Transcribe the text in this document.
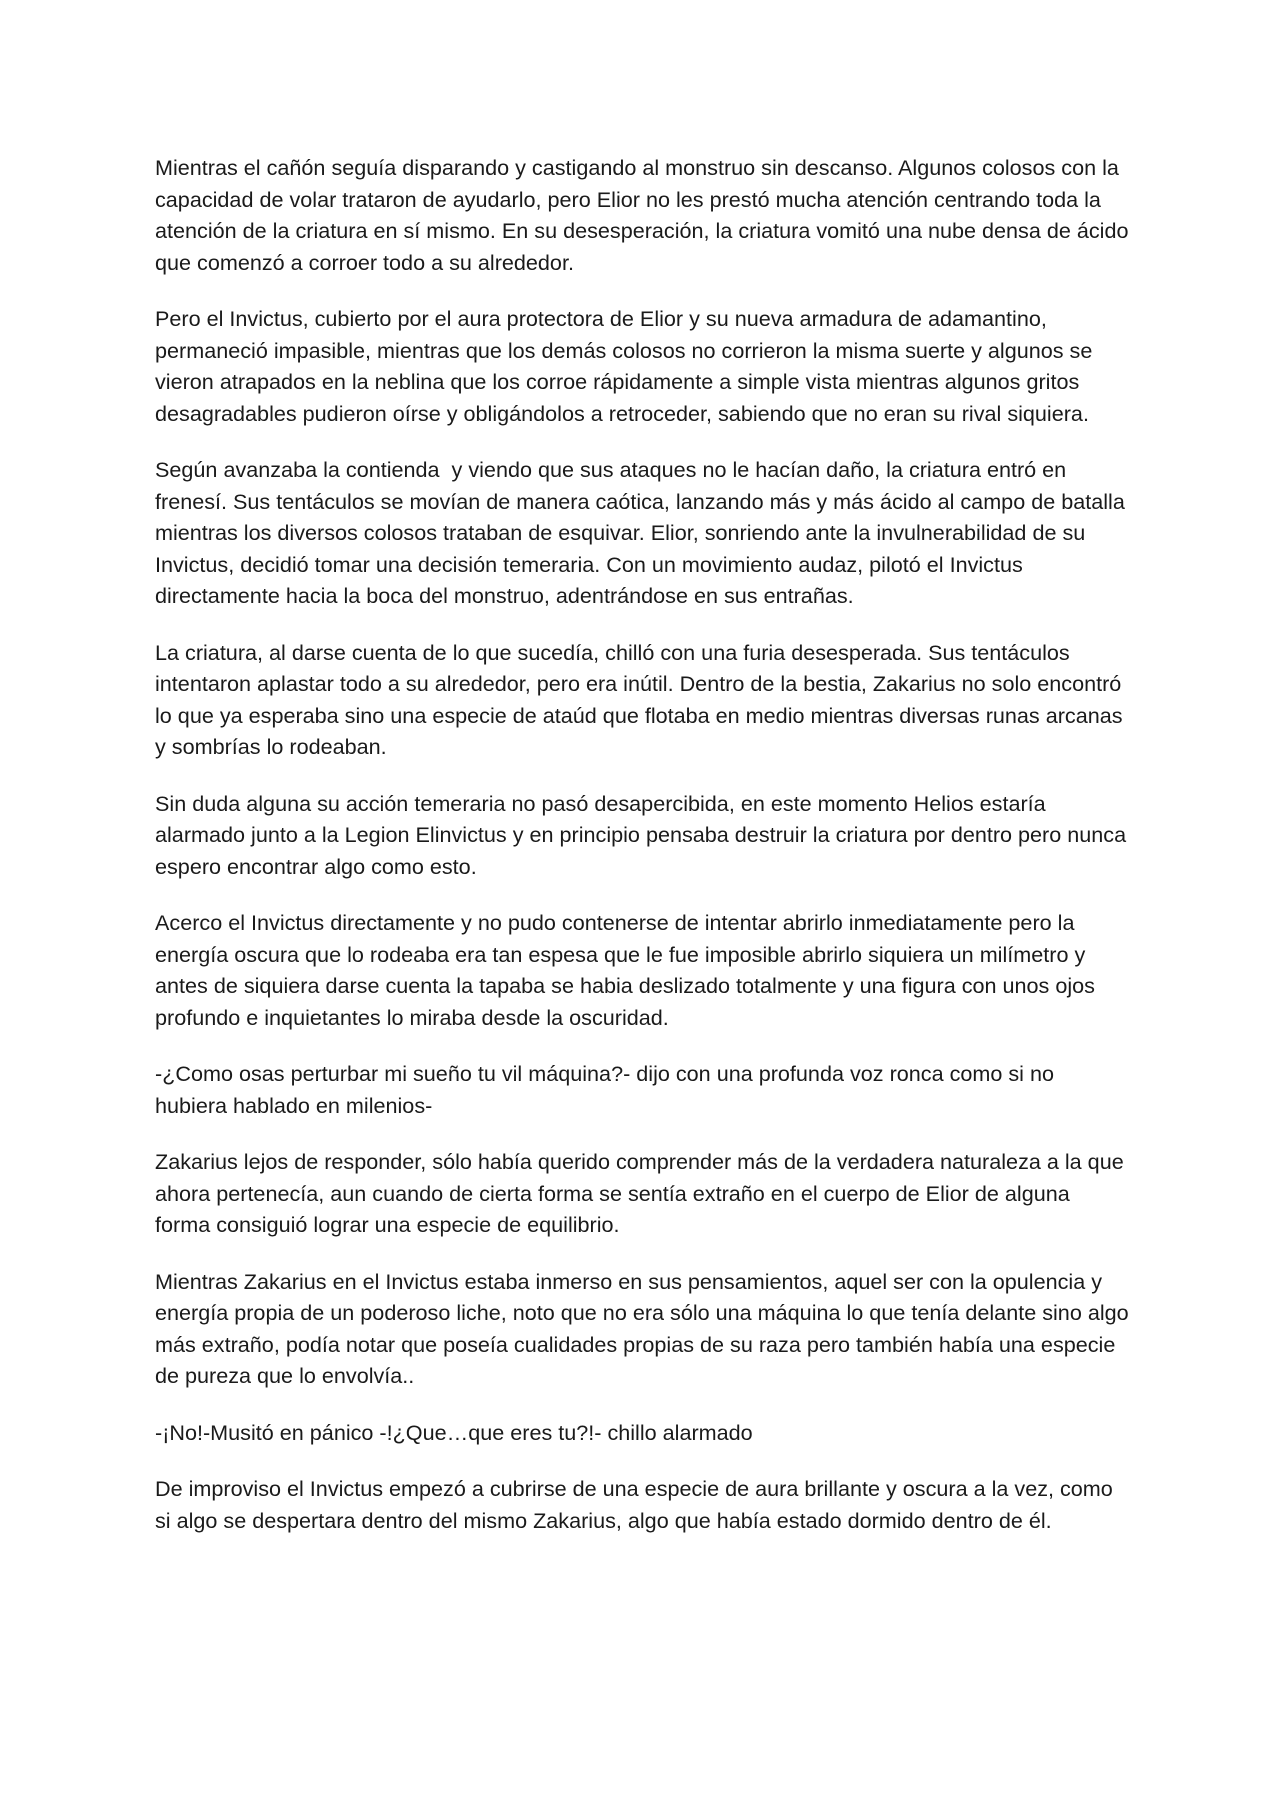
Mientras el cañón seguía disparando y castigando al monstruo sin descanso. Algunos colosos con la capacidad de volar trataron de ayudarlo, pero Elior no les prestó mucha atención centrando toda la atención de la criatura en sí mismo. En su desesperación, la criatura vomitó una nube densa de ácido que comenzó a corroer todo a su alrededor.

Pero el Invictus, cubierto por el aura protectora de Elior y su nueva armadura de adamantino, permaneció impasible, mientras que los demás colosos no corrieron la misma suerte y algunos se vieron atrapados en la neblina que los corroe rápidamente a simple vista mientras algunos gritos desagradables pudieron oírse y obligándolos a retroceder, sabiendo que no eran su rival siquiera.

Según avanzaba la contienda  y viendo que sus ataques no le hacían daño, la criatura entró en frenesí. Sus tentáculos se movían de manera caótica, lanzando más y más ácido al campo de batalla mientras los diversos colosos trataban de esquivar. Elior, sonriendo ante la invulnerabilidad de su Invictus, decidió tomar una decisión temeraria. Con un movimiento audaz, pilotó el Invictus directamente hacia la boca del monstruo, adentrándose en sus entrañas.

La criatura, al darse cuenta de lo que sucedía, chilló con una furia desesperada. Sus tentáculos intentaron aplastar todo a su alrededor, pero era inútil. Dentro de la bestia, Zakarius no solo encontró lo que ya esperaba sino una especie de ataúd que flotaba en medio mientras diversas runas arcanas y sombrías lo rodeaban.

Sin duda alguna su acción temeraria no pasó desapercibida, en este momento Helios estaría alarmado junto a la Legion Elinvictus y en principio pensaba destruir la criatura por dentro pero nunca espero encontrar algo como esto.

Acerco el Invictus directamente y no pudo contenerse de intentar abrirlo inmediatamente pero la energía oscura que lo rodeaba era tan espesa que le fue imposible abrirlo siquiera un milímetro y antes de siquiera darse cuenta la tapaba se habia deslizado totalmente y una figura con unos ojos profundo e inquietantes lo miraba desde la oscuridad.

-¿Como osas perturbar mi sueño tu vil máquina?- dijo con una profunda voz ronca como si no hubiera hablado en milenios-

Zakarius lejos de responder, sólo había querido comprender más de la verdadera naturaleza a la que ahora pertenecía, aun cuando de cierta forma se sentía extraño en el cuerpo de Elior de alguna forma consiguió lograr una especie de equilibrio.

Mientras Zakarius en el Invictus estaba inmerso en sus pensamientos, aquel ser con la opulencia y energía propia de un poderoso liche, noto que no era sólo una máquina lo que tenía delante sino algo más extraño, podía notar que poseía cualidades propias de su raza pero también había una especie de pureza que lo envolvía..

-¡No!-Musitó en pánico -!¿Que…que eres tu?!- chillo alarmado

De improviso el Invictus empezó a cubrirse de una especie de aura brillante y oscura a la vez, como si algo se despertara dentro del mismo Zakarius, algo que había estado dormido dentro de él.
